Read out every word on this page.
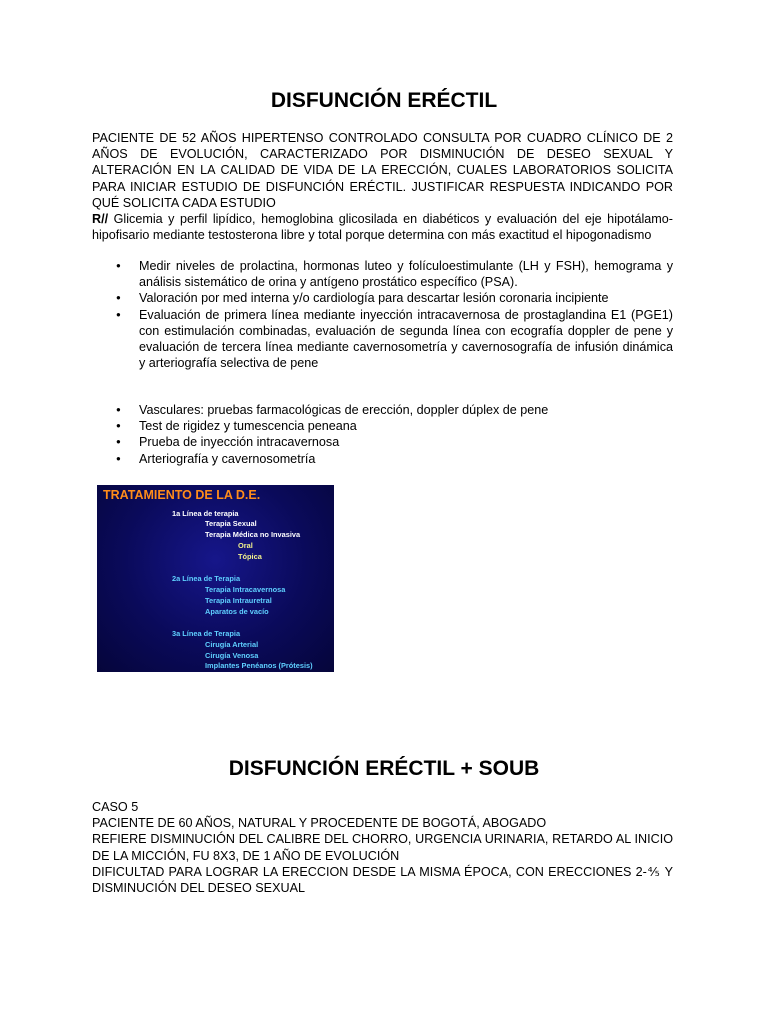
DISFUNCIÓN ERÉCTIL
PACIENTE DE 52 AÑOS HIPERTENSO CONTROLADO CONSULTA POR CUADRO CLÍNICO DE 2 AÑOS DE EVOLUCIÓN, CARACTERIZADO POR DISMINUCIÓN DE DESEO SEXUAL Y ALTERACIÓN EN LA CALIDAD DE VIDA DE LA ERECCIÓN, CUALES LABORATORIOS SOLICITA PARA INICIAR ESTUDIO DE DISFUNCIÓN ERÉCTIL. JUSTIFICAR RESPUESTA INDICANDO POR QUÉ SOLICITA CADA ESTUDIO
R// Glicemia y perfil lipídico, hemoglobina glicosilada en diabéticos y evaluación del eje hipotálamo-hipofisario mediante testosterona libre y total porque determina con más exactitud el hipogonadismo
● Medir niveles de prolactina, hormonas luteo y folículoestimulante (LH y FSH), hemograma y análisis sistemático de orina y antígeno prostático específico (PSA).
● Valoración por med interna y/o cardiología para descartar lesión coronaria incipiente
● Evaluación de primera línea mediante inyección intracavernosa de prostaglandina E1 (PGE1) con estimulación combinadas, evaluación de segunda línea con ecografía doppler de pene y evaluación de tercera línea mediante cavernosometría y cavernosografía de infusión dinámica y arteriografía selectiva de pene
● Vasculares: pruebas farmacológicas de erección, doppler dúplex de pene
● Test de rigidez y tumescencia peneana
● Prueba de inyección intracavernosa
● Arteriografía y cavernosometría
TRATAMIENTO DE LA D.E.
1a Línea de terapia
Terapia Sexual
Terapia Médica no Invasiva
Oral
Tópica
2a Línea de Terapia
Terapia Intracavernosa
Terapia Intrauretral
Aparatos de vacío
3a Línea de Terapia
Cirugía Arterial
Cirugía Venosa
Implantes Penéanos (Prótesis)
DISFUNCIÓN ERÉCTIL + SOUB
CASO 5
PACIENTE DE 60 AÑOS, NATURAL Y PROCEDENTE DE BOGOTÁ, ABOGADO
REFIERE DISMINUCIÓN DEL CALIBRE DEL CHORRO, URGENCIA URINARIA, RETARDO AL INICIO DE LA MICCIÓN, FU 8X3, DE 1 AÑO DE EVOLUCIÓN
DIFICULTAD PARA LOGRAR LA ERECCION DESDE LA MISMA ÉPOCA, CON ERECCIONES 2-⅘ Y DISMINUCIÓN DEL DESEO SEXUAL
